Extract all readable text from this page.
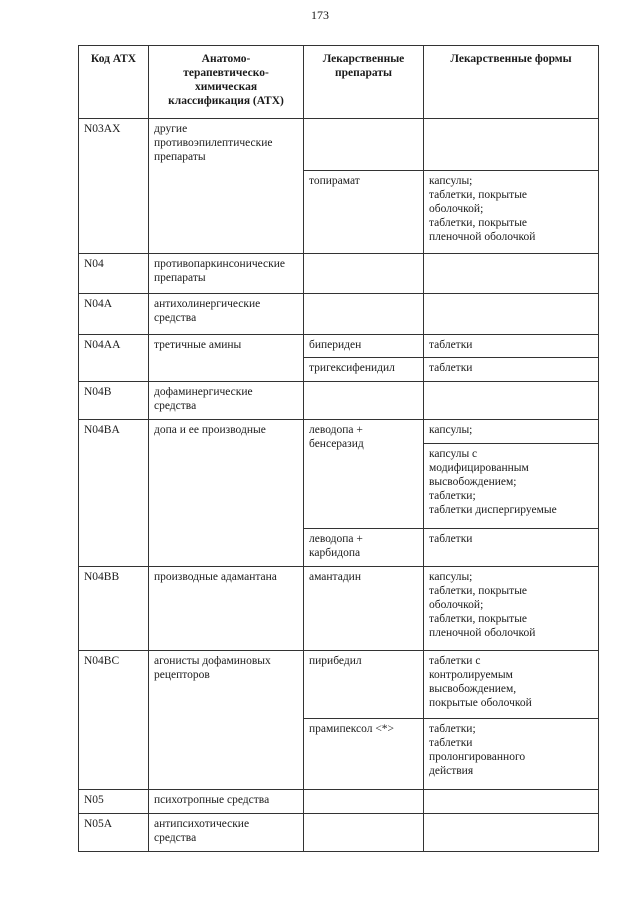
173
Код АТХ	Анатомо-
терапевтическо-
химическая
классификация (АТХ)	Лекарственные
препараты	Лекарственные формы
N03AX	другие
противоэпилептические
препараты		
		топирамат	капсулы;
таблетки, покрытые
оболочкой;
таблетки, покрытые
пленочной оболочкой
N04	противопаркинсонические
препараты		
N04A	антихолинергические
средства		
N04AA	третичные амины	бипериден	таблетки
		тригексифенидил	таблетки
N04B	дофаминергические
средства		
N04BA	допа и ее производные	леводопа +
бенсеразид	капсулы;
			капсулы с
модифицированным
высвобождением;
таблетки;
таблетки диспергируемые
		леводопа +
карбидопа	таблетки
N04BB	производные адамантана	амантадин	капсулы;
таблетки, покрытые
оболочкой;
таблетки, покрытые
пленочной оболочкой
N04BC	агонисты дофаминовых
рецепторов	пирибедил	таблетки с
контролируемым
высвобождением,
покрытые оболочкой
		прамипексол <*>	таблетки;
таблетки
пролонгированного
действия
N05	психотропные средства		
N05A	антипсихотические
средства		
